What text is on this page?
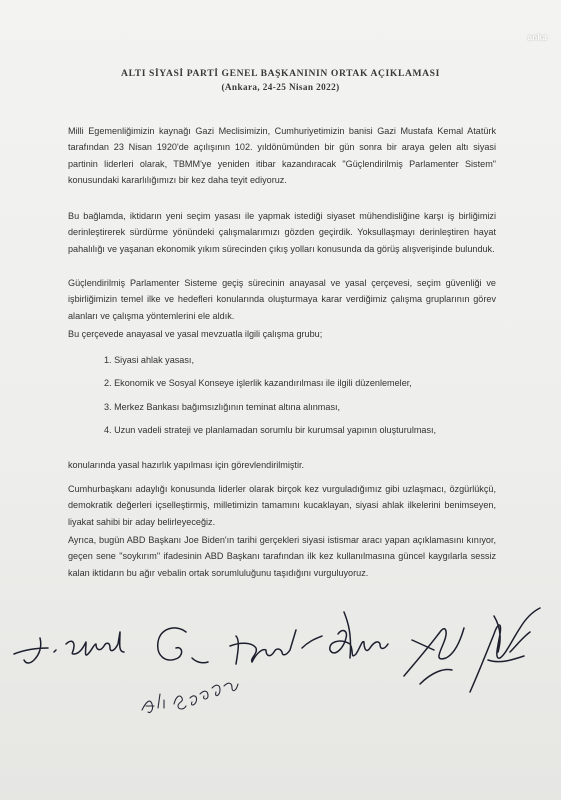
anka
ALTI SİYASİ PARTİ GENEL BAŞKANININ ORTAK AÇIKLAMASI
(Ankara, 24-25 Nisan 2022)

Milli Egemenliğimizin kaynağı Gazi Meclisimizin, Cumhuriyetimizin banisi Gazi Mustafa Kemal Atatürk tarafından 23 Nisan 1920'de açılışının 102. yıldönümünden bir gün sonra bir araya gelen altı siyasi partinin liderleri olarak, TBMM'ye yeniden itibar kazandıracak "Güçlendirilmiş Parlamenter Sistem" konusundaki kararlılığımızı bir kez daha teyit ediyoruz.

Bu bağlamda, iktidarın yeni seçim yasası ile yapmak istediği siyaset mühendisliğine karşı iş birliğimizi derinleştirerek sürdürme yönündeki çalışmalarımızı gözden geçirdik. Yoksullaşmayı derinleştiren hayat pahalılığı ve yaşanan ekonomik yıkım sürecinden çıkış yolları konusunda da görüş alışverişinde bulunduk.

Güçlendirilmiş Parlamenter Sisteme geçiş sürecinin anayasal ve yasal çerçevesi, seçim güvenliği ve işbirliğimizin temel ilke ve hedefleri konularında oluşturmaya karar verdiğimiz çalışma gruplarının görev alanları ve çalışma yöntemlerini ele aldık.

Bu çerçevede anayasal ve yasal mevzuatla ilgili çalışma grubu;

1. Siyasi ahlak yasası,

2. Ekonomik ve Sosyal Konseye işlerlik kazandırılması ile ilgili düzenlemeler,

3. Merkez Bankası bağımsızlığının teminat altına alınması,

4. Uzun vadeli strateji ve planlamadan sorumlu bir kurumsal yapının oluşturulması,

konularında yasal hazırlık yapılması için görevlendirilmiştir.

Cumhurbaşkanı adaylığı konusunda liderler olarak birçok kez vurguladığımız gibi uzlaşmacı, özgürlükçü, demokratik değerleri içselleştirmiş, milletimizin tamamını kucaklayan, siyasi ahlak ilkelerini benimseyen, liyakat sahibi bir aday belirleyeceğiz.

Ayrıca, bugün ABD Başkanı Joe Biden'ın tarihi gerçekleri siyasi istismar aracı yapan açıklamasını kınıyor, geçen sene "soykırım" ifadesinin ABD Başkanı tarafından ilk kez kullanılmasına güncel kaygılarla sessiz kalan iktidarın bu ağır vebalin ortak sorumluluğunu taşıdığını vurguluyoruz.
